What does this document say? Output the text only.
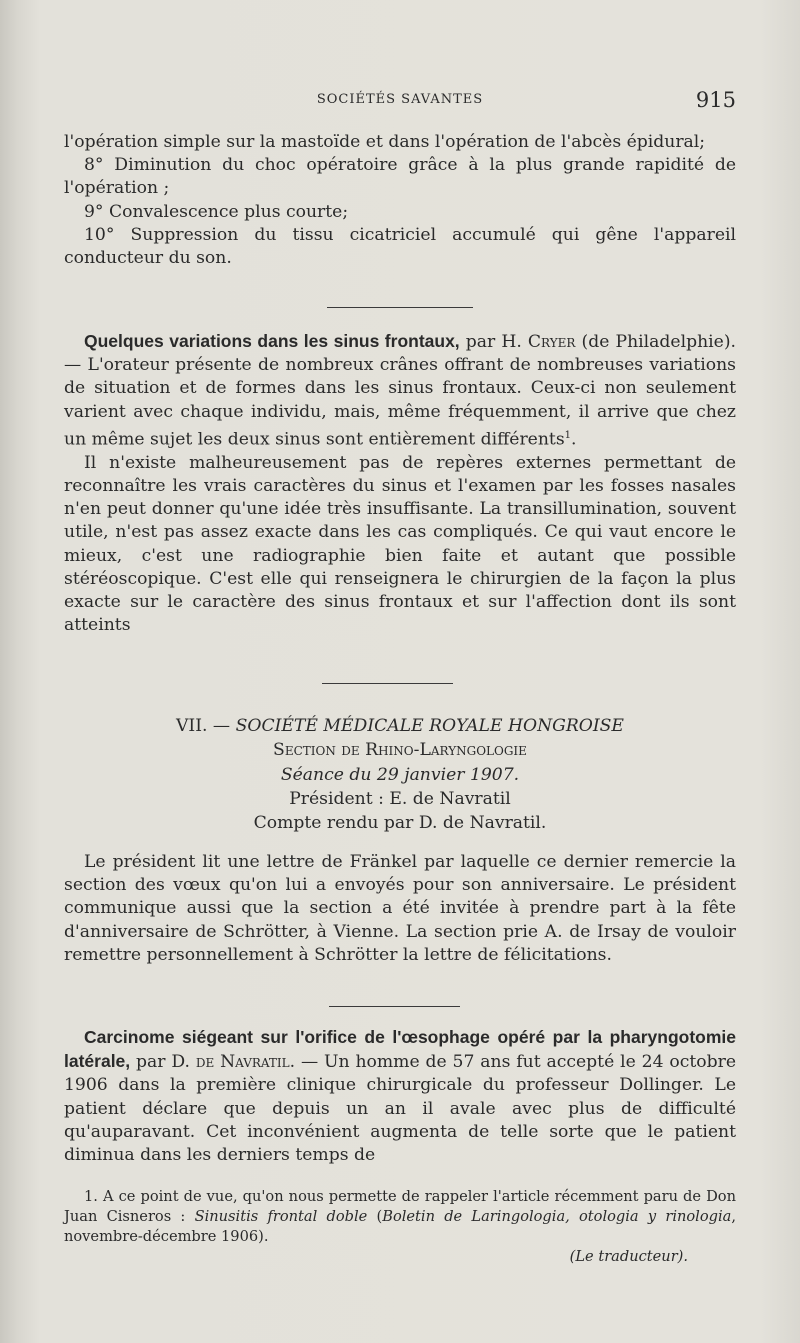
SOCIÉTÉS SAVANTES	915

l'opération simple sur la mastoïde et dans l'opération de l'abcès épidural;

8° Diminution du choc opératoire grâce à la plus grande rapidité de l'opération ;

9° Convalescence plus courte;

10° Suppression du tissu cicatriciel accumulé qui gêne l'appareil conducteur du son.

Quelques variations dans les sinus frontaux, par H. Cryer (de Philadelphie). — L'orateur présente de nombreux crânes offrant de nombreuses variations de situation et de formes dans les sinus frontaux. Ceux-ci non seulement varient avec chaque individu, mais, même fréquemment, il arrive que chez un même sujet les deux sinus sont entièrement différents$^1$.

Il n'existe malheureusement pas de repères externes permettant de reconnaître les vrais caractères du sinus et l'examen par les fosses nasales n'en peut donner qu'une idée très insuffisante. La transillumination, souvent utile, n'est pas assez exacte dans les cas compliqués. Ce qui vaut encore le mieux, c'est une radiographie bien faite et autant que possible stéréoscopique. C'est elle qui renseignera le chirurgien de la façon la plus exacte sur le caractère des sinus frontaux et sur l'affection dont ils sont atteints

VII. — SOCIÉTÉ MÉDICALE ROYALE HONGROISE
Section de Rhino-Laryngologie
Séance du 29 janvier 1907.
Président : E. de Navratil
Compte rendu par D. de Navratil.

Le président lit une lettre de Fränkel par laquelle ce dernier remercie la section des vœux qu'on lui a envoyés pour son anniversaire. Le président communique aussi que la section a été invitée à prendre part à la fête d'anniversaire de Schrötter, à Vienne. La section prie A. de Irsay de vouloir remettre personnellement à Schrötter la lettre de félicitations.

Carcinome siégeant sur l'orifice de l'œsophage opéré par la pharyngotomie latérale, par D. de Navratil. — Un homme de 57 ans fut accepté le 24 octobre 1906 dans la première clinique chirurgicale du professeur Dollinger. Le patient déclare que depuis un an il avale avec plus de difficulté qu'auparavant. Cet inconvénient augmenta de telle sorte que le patient diminua dans les derniers temps de

1. A ce point de vue, qu'on nous permette de rappeler l'article récemment paru de Don Juan Cisneros : Sinusitis frontal doble (Boletin de Laringologia, otologia y rinologia, novembre-décembre 1906).

(Le traducteur).
